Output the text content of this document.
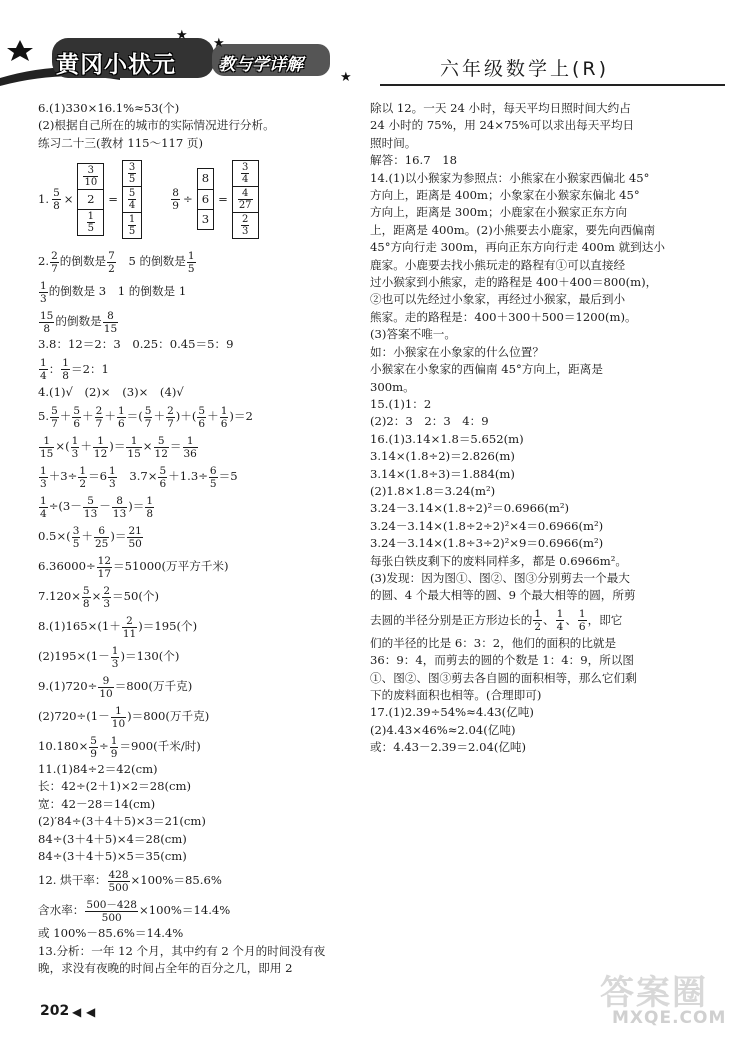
黄冈小状元 教与学详解
★
★
★	六年级数学上(R)
6.(1)330×16.1%≈53(个)
(2)根据自己所在的城市的实际情况进行分析。
练习二十三(教材 115～117 页)
1. $\frac{5}{8}$ ×
$\frac{3}{10}$
2
$\frac{1}{5}$
=
$\frac{3}{5}$
$\frac{5}{4}$
$\frac{1}{5}$
$\frac{8}{9}$ ÷
8
6
3
=
$\frac{3}{4}$
$\frac{4}{27}$
$\frac{2}{3}$
2. $\frac{2}{7}$ 的倒数是 $\frac{7}{2}$
　 5 的倒数是 $\frac{1}{5}$
$\frac{1}{3}$ 的倒数是 3　1 的倒数是 1
$\frac{15}{8}$ 的倒数是 $\frac{8}{15}$
3.8：12＝2：3　0.25：0.45＝5：9
$\frac{1}{4}$ ： $\frac{1}{8} =2$：1
4.(1)√　(2)×　(3)×　(4)√
5. $\frac{5}{7} + \frac{5}{6} + \frac{2}{7} + \frac{1}{6}$ ＝( $\frac{5}{7} + \frac{2}{7}$ )＋( $\frac{5}{6} + \frac{1}{6} )=2$
$\frac{1}{15}$ ×( $\frac{1}{3} + \frac{1}{12}$ )＝ $\frac{1}{15} \times \frac{5}{12} = \frac{1}{36}$
$\frac{1}{3} +3\div \frac{1}{2} =6 \frac{1}{3}$ 　$3.7\times \frac{5}{6} +1.3\div \frac{6}{5} =5$
$\frac{1}{4} \div(3- \frac{5}{13} - \frac{8}{13}$ )＝ $\frac{1}{8}$
$0.5\times( \frac{3}{5} + \frac{6}{25}$ )＝ $\frac{21}{50}$
$6.36000\div \frac{12}{17} =51000$(万平方千米)
$7.120\times \frac{5}{8} \times \frac{2}{3} =50$(个)
$8.(1)165\times(1+ \frac{2}{11} )=195$(个)
$(2)195\times(1- \frac{1}{3} )=130$(个)
$9.(1)720\div \frac{9}{10} =800$(万千克)
$(2)720\div(1- \frac{1}{10} )=800$(万千克)
$10.180\times \frac{5}{9} \div \frac{1}{9} =900$(千米/时)
11.(1)84÷2＝42(cm)
长：42÷(2＋1)×2＝28(cm)
宽：42－28＝14(cm)
(2)′84÷(3＋4＋5)×3＝21(cm)
84÷(3＋4＋5)×4＝28(cm)
84÷(3＋4＋5)×5＝35(cm)
12. 烘干率： $\frac{428}{500} \times 100\%=85.6\%$
含水率： $\frac{500-428}{500} \times 100\%=14.4\%$
或 100%－85.6%＝14.4%
13.分析：一年 12 个月，其中约有 2 个月的时间没有夜
晚，求没有夜晚的时间占全年的百分之几，即用 2
除以 12。一天 24 小时，每天平均日照时间大约占
24 小时的 75%，用 24×75%可以求出每天平均日
照时间。
解答：16.7　18
14.(1)以小猴家为参照点：小熊家在小猴家西偏北 45°
方向上，距离是 400m；小象家在小猴家东偏北 45°
方向上，距离是 300m；小鹿家在小猴家正东方向
上，距离是 400m。(2)小熊要去小鹿家，要先向西偏南
45°方向行走 300m，再向正东方向行走 400m 就到达小
鹿家。小鹿要去找小熊玩走的路程有①可以直接经
过小猴家到小熊家，走的路程是 400＋400＝800(m)，
②也可以先经过小象家，再经过小猴家，最后到小
熊家。走的路程是：400＋300＋500＝1200(m)。
(3)答案不唯一。
如：小猴家在小象家的什么位置？
小猴家在小象家的西偏南 45°方向上，距离是
300m。
15.(1)1：2
(2)2：3　2：3　4：9
16.(1)3.14×1.8＝5.652(m)
3.14×(1.8÷2)＝2.826(m)
3.14×(1.8÷3)＝1.884(m)
(2)1.8×1.8＝3.24(m²)
3.24－3.14×(1.8÷2)²＝0.6966(m²)
3.24－3.14×(1.8÷2÷2)²×4＝0.6966(m²)
3.24－3.14×(1.8÷3÷2)²×9＝0.6966(m²)
每张白铁皮剩下的废料同样多，都是 0.6966m²。
(3)发现：因为图①、图②、图③分别剪去一个最大
的圆、4 个最大相等的圆、9 个最大相等的圆，所剪
去圆的半径分别是正方形边长的 $\frac{1}{2}$ 、 $\frac{1}{4}$ 、 $\frac{1}{6}$ ，即它
们的半径的比是 6：3：2，他们的面积的比就是
36：9：4，而剪去的圆的个数是 1：4：9，所以图
①、图②、图③剪去各自圆的面积相等，那么它们剩
下的废料面积也相等。(合理即可)
17.(1)2.39÷54%≈4.43(亿吨)
(2)4.43×46%≈2.04(亿吨)
或：4.43－2.39＝2.04(亿吨)
202 ◀ ◀	答案圈
MXQE.COM
